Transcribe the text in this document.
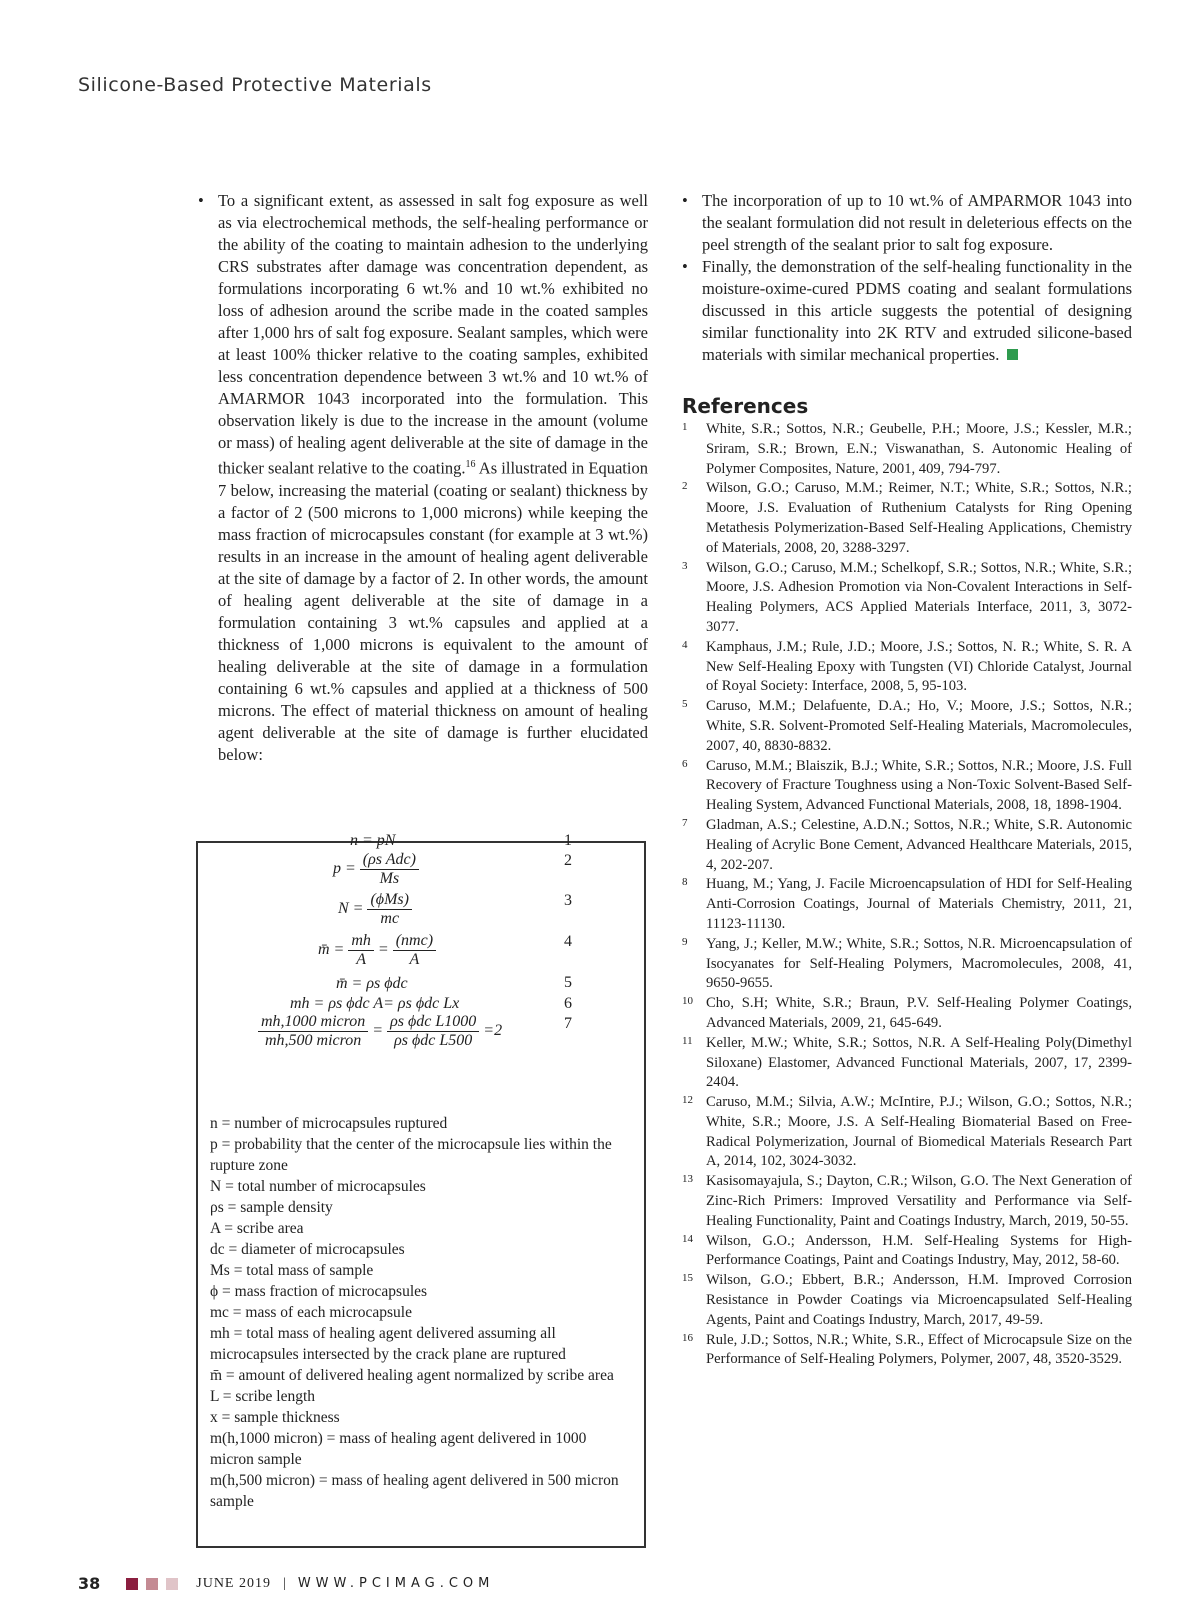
Silicone-Based Protective Materials
• To a significant extent, as assessed in salt fog exposure as well as via electrochemical methods, the self-healing performance or the ability of the coating to maintain adhesion to the underlying CRS substrates after damage was concentration dependent, as formulations incorporating 6 wt.% and 10 wt.% exhibited no loss of adhesion around the scribe made in the coated samples after 1,000 hrs of salt fog exposure. Sealant samples, which were at least 100% thicker relative to the coating samples, exhibited less concentration dependence between 3 wt.% and 10 wt.% of AMARMOR 1043 incorporated into the formulation. This observation likely is due to the increase in the amount (volume or mass) of healing agent deliverable at the site of damage in the thicker sealant relative to the coating.$^{16}$ As illustrated in Equation 7 below, increasing the material (coating or sealant) thickness by a factor of 2 (500 microns to 1,000 microns) while keeping the mass fraction of microcapsules constant (for example at 3 wt.%) results in an increase in the amount of healing agent deliverable at the site of damage by a factor of 2. In other words, the amount of healing agent deliverable at the site of damage in a formulation containing 3 wt.% capsules and applied at a thickness of 1,000 microns is equivalent to the amount of healing deliverable at the site of damage in a formulation containing 6 wt.% capsules and applied at a thickness of 500 microns. The effect of material thickness on amount of healing agent deliverable at the site of damage is further elucidated below:
n = pN
$p = \frac{\text{(ρs Adc)}}{Ms}$
$N = \frac{\text{(ϕMs)}}{mc}$
m̄ = $\frac{mh}{A} = \frac{\text{(nmc)}}{A}$
m̄ = ρs ϕdc
mh = ρs ϕdc A= ρs ϕdc Lx
$\frac{\text{mh,1000 micron}}{\text{mh,500 micron}} = \frac{\text{ρs ϕdc L1000}}{\text{ρs ϕdc L500}} =2$
1
2
3
4
5
6
7
n = number of microcapsules ruptured
p = probability that the center of the microcapsule lies within the rupture zone
N = total number of microcapsules
ρs = sample density
A = scribe area
dc = diameter of microcapsules
Ms = total mass of sample
ϕ = mass fraction of microcapsules
mc = mass of each microcapsule
mh = total mass of healing agent delivered assuming all microcapsules intersected by the crack plane are ruptured
m̄ = amount of delivered healing agent normalized by scribe area
L = scribe length
x = sample thickness
m(h,1000 micron) = mass of healing agent delivered in 1000 micron sample
m(h,500 micron) = mass of healing agent delivered in 500 micron sample
• The incorporation of up to 10 wt.% of AMPARMOR 1043 into the sealant formulation did not result in deleterious effects on the peel strength of the sealant prior to salt fog exposure.
• Finally, the demonstration of the self-healing functionality in the moisture-oxime-cured PDMS coating and sealant formulations discussed in this article suggests the potential of designing similar functionality into 2K RTV and extruded silicone-based materials with similar mechanical properties.
References
1 White, S.R.; Sottos, N.R.; Geubelle, P.H.; Moore, J.S.; Kessler, M.R.; Sriram, S.R.; Brown, E.N.; Viswanathan, S. Autonomic Healing of Polymer Composites, Nature, 2001, 409, 794-797.
2 Wilson, G.O.; Caruso, M.M.; Reimer, N.T.; White, S.R.; Sottos, N.R.; Moore, J.S. Evaluation of Ruthenium Catalysts for Ring Opening Metathesis Polymerization-Based Self-Healing Applications, Chemistry of Materials, 2008, 20, 3288-3297.
3 Wilson, G.O.; Caruso, M.M.; Schelkopf, S.R.; Sottos, N.R.; White, S.R.; Moore, J.S. Adhesion Promotion via Non-Covalent Interactions in Self-Healing Polymers, ACS Applied Materials Interface, 2011, 3, 3072-3077.
4 Kamphaus, J.M.; Rule, J.D.; Moore, J.S.; Sottos, N. R.; White, S. R. A New Self-Healing Epoxy with Tungsten (VI) Chloride Catalyst, Journal of Royal Society: Interface, 2008, 5, 95-103.
5 Caruso, M.M.; Delafuente, D.A.; Ho, V.; Moore, J.S.; Sottos, N.R.; White, S.R. Solvent-Promoted Self-Healing Materials, Macromolecules, 2007, 40, 8830-8832.
6 Caruso, M.M.; Blaiszik, B.J.; White, S.R.; Sottos, N.R.; Moore, J.S. Full Recovery of Fracture Toughness using a Non-Toxic Solvent-Based Self-Healing System, Advanced Functional Materials, 2008, 18, 1898-1904.
7 Gladman, A.S.; Celestine, A.D.N.; Sottos, N.R.; White, S.R. Autonomic Healing of Acrylic Bone Cement, Advanced Healthcare Materials, 2015, 4, 202-207.
8 Huang, M.; Yang, J. Facile Microencapsulation of HDI for Self-Healing Anti-Corrosion Coatings, Journal of Materials Chemistry, 2011, 21, 11123-11130.
9 Yang, J.; Keller, M.W.; White, S.R.; Sottos, N.R. Microencapsulation of Isocyanates for Self-Healing Polymers, Macromolecules, 2008, 41, 9650-9655.
10 Cho, S.H; White, S.R.; Braun, P.V. Self-Healing Polymer Coatings, Advanced Materials, 2009, 21, 645-649.
11 Keller, M.W.; White, S.R.; Sottos, N.R. A Self-Healing Poly(Dimethyl Siloxane) Elastomer, Advanced Functional Materials, 2007, 17, 2399-2404.
12 Caruso, M.M.; Silvia, A.W.; McIntire, P.J.; Wilson, G.O.; Sottos, N.R.; White, S.R.; Moore, J.S. A Self-Healing Biomaterial Based on Free-Radical Polymerization, Journal of Biomedical Materials Research Part A, 2014, 102, 3024-3032.
13 Kasisomayajula, S.; Dayton, C.R.; Wilson, G.O. The Next Generation of Zinc-Rich Primers: Improved Versatility and Performance via Self-Healing Functionality, Paint and Coatings Industry, March, 2019, 50-55.
14 Wilson, G.O.; Andersson, H.M. Self-Healing Systems for High-Performance Coatings, Paint and Coatings Industry, May, 2012, 58-60.
15 Wilson, G.O.; Ebbert, B.R.; Andersson, H.M. Improved Corrosion Resistance in Powder Coatings via Microencapsulated Self-Healing Agents, Paint and Coatings Industry, March, 2017, 49-59.
16 Rule, J.D.; Sottos, N.R.; White, S.R., Effect of Microcapsule Size on the Performance of Self-Healing Polymers, Polymer, 2007, 48, 3520-3529.
38	JUNE 2019 | WWW.PCIMAG.COM
